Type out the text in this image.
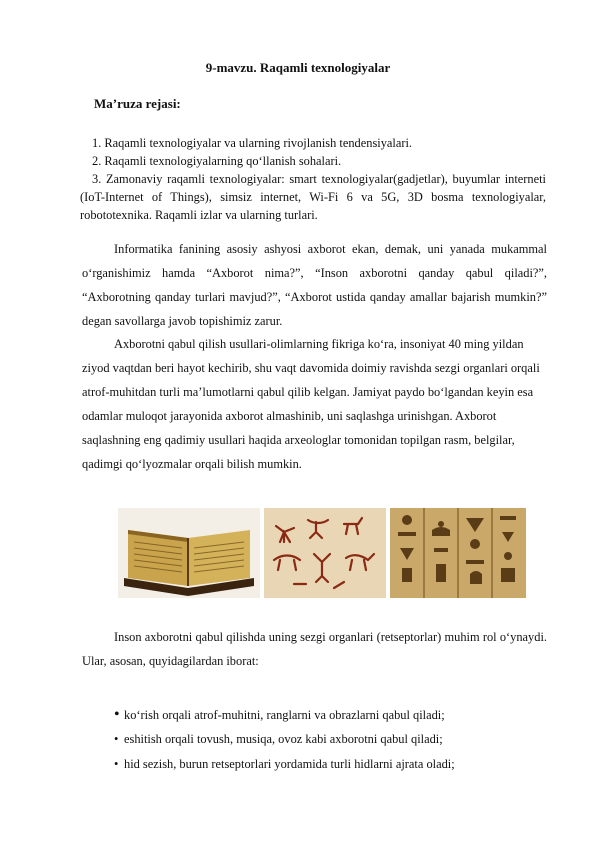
9-mavzu. Raqamli texnologiyalar
Ma’ruza rejasi:
1. Raqamli texnologiyalar va ularning rivojlanish tendensiyalari.
2. Raqamli texnologiyalarning qo‘llanish sohalari.
3. Zamonaviy raqamli texnologiyalar: smart texnologiyalar(gadjetlar), buyumlar interneti (IoT-Internet of Things), simsiz internet, Wi-Fi 6 va 5G, 3D bosma texnologiyalar, robototexnika. Raqamli izlar va ularning turlari.
Informatika fanining asosiy ashyosi axborot ekan, demak, uni yanada mukammal o‘rganishimiz hamda “Axborot nima?”, “Inson axborotni qanday qabul qiladi?”, “Axborotning qanday turlari mavjud?”, “Axborot ustida qanday amallar bajarish mumkin?” degan savollarga javob topishimiz zarur.
Axborotni qabul qilish usullari-olimlarning fikriga ko‘ra, insoniyat 40 ming yildan ziyod vaqtdan beri hayot kechirib, shu vaqt davomida doimiy ravishda sezgi organlari orqali atrof-muhitdan turli ma’lumotlarni qabul qilib kelgan. Jamiyat paydo bo‘lgandan keyin esa odamlar muloqot jarayonida axborot almashinib, uni saqlashga urinishgan. Axborot saqlashning eng qadimiy usullari haqida arxeologlar tomonidan topilgan rasm, belgilar, qadimgi qo‘lyozmalar orqali bilish mumkin.
Inson axborotni qabul qilishda uning sezgi organlari (retseptorlar) muhim rol o‘ynaydi. Ular, asosan, quyidagilardan iborat:
• ko‘rish orqali atrof-muhitni, ranglarni va obrazlarni qabul qiladi;
• eshitish orqali tovush, musiqa, ovoz kabi axborotni qabul qiladi;
• hid sezish, burun retseptorlari yordamida turli hidlarni ajrata oladi;
